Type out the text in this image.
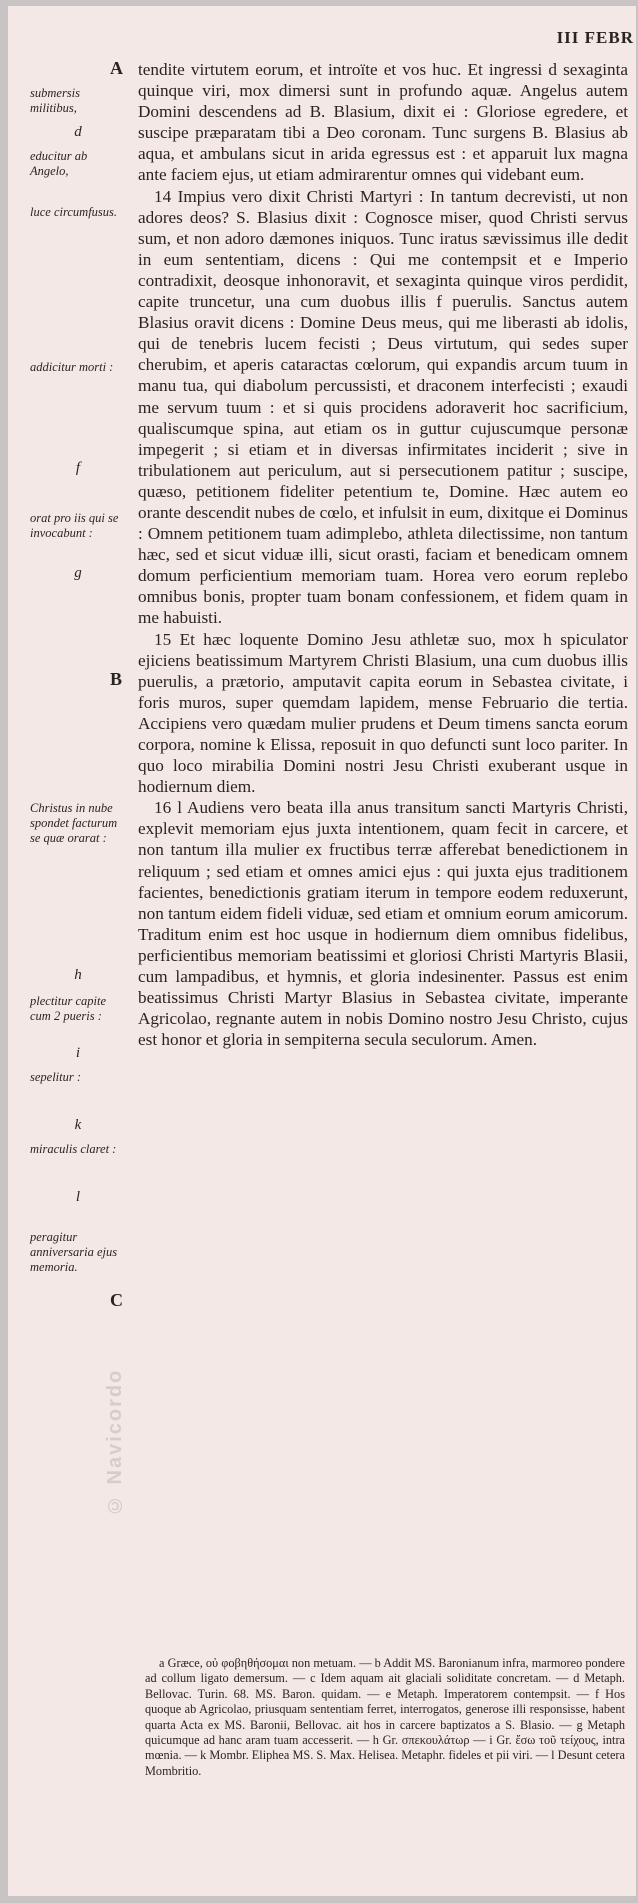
III FEBR
A
B
C
submersis militibus,
d
educitur ab Angelo,
luce circumfusus.
addicitur morti :
f
orat pro iis qui se invocabunt :
g
Christus in nube spondet facturum se quæ orarat :
h
plectitur capite cum 2 pueris :
i
sepelitur :
k
miraculis claret :
l
peragitur anniversaria ejus memoria.

tendite virtutem eorum, et introïte et vos huc. Et ingressi d sexaginta quinque viri, mox dimersi sunt in profundo aquæ. Angelus autem Domini descendens ad B. Blasium, dixit ei : Gloriose egredere, et suscipe præparatam tibi a Deo coronam. Tunc surgens B. Blasius ab aqua, et ambulans sicut in arida egressus est : et apparuit lux magna ante faciem ejus, ut etiam admirarentur omnes qui videbant eum.

14 Impius vero dixit Christi Martyri : In tantum decrevisti, ut non adores deos? S. Blasius dixit : Cognosce miser, quod Christi servus sum, et non adoro dæmones iniquos. Tunc iratus sævissimus ille dedit in eum sententiam, dicens : Qui me contempsit et e Imperio contradixit, deosque inhonoravit, et sexaginta quinque viros perdidit, capite truncetur, una cum duobus illis f puerulis. Sanctus autem Blasius oravit dicens : Domine Deus meus, qui me liberasti ab idolis, qui de tenebris lucem fecisti ; Deus virtutum, qui sedes super cherubim, et aperis cataractas cœlorum, qui expandis arcum tuum in manu tua, qui diabolum percussisti, et draconem interfecisti ; exaudi me servum tuum : et si quis procidens adoraverit hoc sacrificium, qualiscumque spina, aut etiam os in guttur cujuscumque personæ impegerit ; si etiam et in diversas infirmitates inciderit ; sive in tribulationem aut periculum, aut si persecutionem patitur ; suscipe, quæso, petitionem fideliter petentium te, Domine. Hæc autem eo orante descendit nubes de cœlo, et infulsit in eum, dixitque ei Dominus : Omnem petitionem tuam adimplebo, athleta dilectissime, non tantum hæc, sed et sicut viduæ illi, sicut orasti, faciam et benedicam omnem domum perficientium memoriam tuam. Horea vero eorum replebo omnibus bonis, propter tuam bonam confessionem, et fidem quam in me habuisti.

15 Et hæc loquente Domino Jesu athletæ suo, mox h spiculator ejiciens beatissimum Martyrem Christi Blasium, una cum duobus illis puerulis, a prætorio, amputavit capita eorum in Sebastea civitate, i foris muros, super quemdam lapidem, mense Februario die tertia. Accipiens vero quædam mulier prudens et Deum timens sancta eorum corpora, nomine k Elissa, reposuit in quo defuncti sunt loco pariter. In quo loco mirabilia Domini nostri Jesu Christi exuberant usque in hodiernum diem.

16 l Audiens vero beata illa anus transitum sancti Martyris Christi, explevit memoriam ejus juxta intentionem, quam fecit in carcere, et non tantum illa mulier ex fructibus terræ afferebat benedictionem in reliquum ; sed etiam et omnes amici ejus : qui juxta ejus traditionem facientes, benedictionis gratiam iterum in tempore eodem reduxerunt, non tantum eidem fideli viduæ, sed etiam et omnium eorum amicorum. Traditum enim est hoc usque in hodiernum diem omnibus fidelibus, perficientibus memoriam beatissimi et gloriosi Christi Martyris Blasii, cum lampadibus, et hymnis, et gloria indesinenter. Passus est enim beatissimus Christi Martyr Blasius in Sebastea civitate, imperante Agricolao, regnante autem in nobis Domino nostro Jesu Christo, cujus est honor et gloria in sempiterna secula seculorum. Amen.

© Navicordo
a Græce, οὐ φοβηθήσομαι non metuam. — b Addit MS. Baronianum infra, marmoreo pondere ad collum ligato demersum. — c Idem aquam ait glaciali soliditate concretam. — d Metaph. Bellovac. Turin. 68. MS. Baron. quidam. — e Metaph. Imperatorem contempsit. — f Hos quoque ab Agricolao, priusquam sententiam ferret, interrogatos, generose illi responsisse, habent quarta Acta ex MS. Baronii, Bellovac. ait hos in carcere baptizatos a S. Blasio. — g Metaph quicumque ad hanc aram tuam accesserit. — h Gr. σπεκουλάτωρ — i Gr. ἔσω τοῦ τείχους, intra mœnia. — k Mombr. Eliphea MS. S. Max. Helisea. Metaphr. fideles et pii viri. — l Desunt cetera Mombritio.
